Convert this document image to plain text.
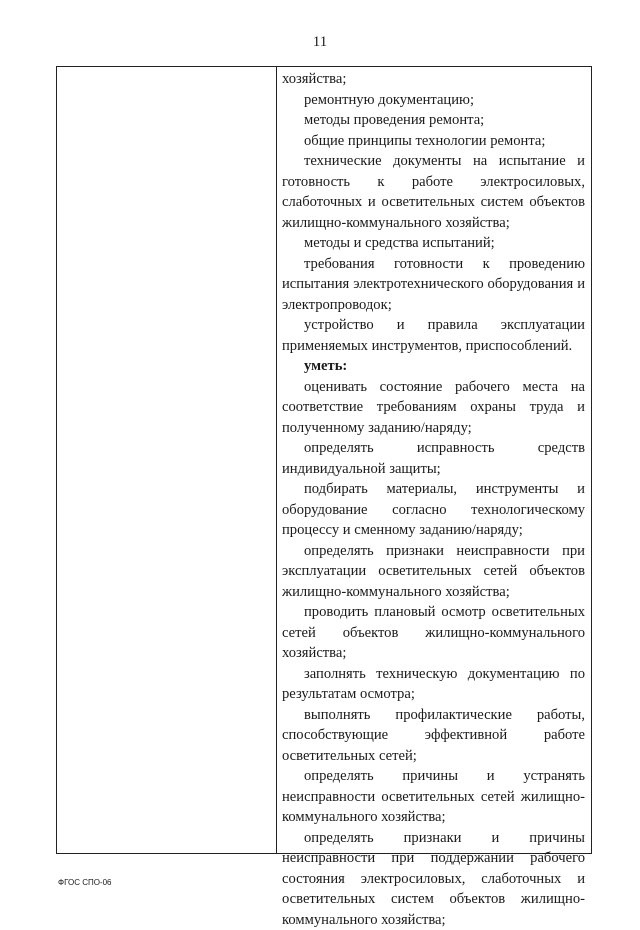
11
хозяйства;
ремонтную документацию;
методы проведения ремонта;
общие принципы технологии ремонта;
технические документы на испытание и готовность к работе электросиловых, слаботочных и осветительных систем объектов жилищно-коммунального хозяйства;
методы и средства испытаний;
требования готовности к проведению испытания электротехнического оборудования и электропроводок;
устройство и правила эксплуатации применяемых инструментов, приспособлений.
уметь:
оценивать состояние рабочего места на соответствие требованиям охраны труда и полученному заданию/наряду;
определять исправность средств индивидуальной защиты;
подбирать материалы, инструменты и оборудование согласно технологическому процессу и сменному заданию/наряду;
определять признаки неисправности при эксплуатации осветительных сетей объектов жилищно-коммунального хозяйства;
проводить плановый осмотр осветительных сетей объектов жилищно-коммунального хозяйства;
заполнять техническую документацию по результатам осмотра;
выполнять профилактические работы, способствующие эффективной работе осветительных сетей;
определять причины и устранять неисправности осветительных сетей жилищно-коммунального хозяйства;
определять признаки и причины неисправности при поддержании рабочего состояния электросиловых, слаботочных и осветительных систем объектов жилищно-коммунального хозяйства;
ФГОС СПО-06
